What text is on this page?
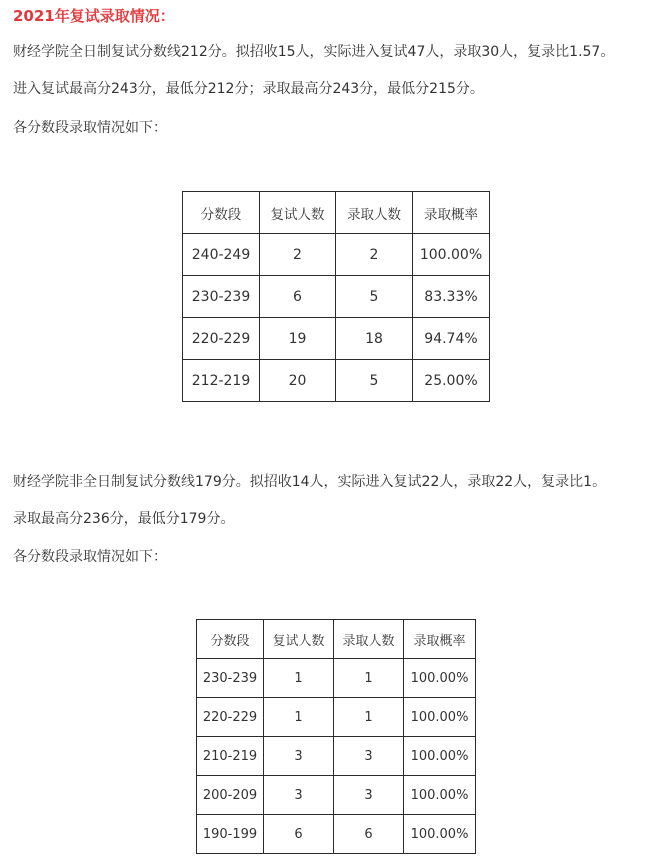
2021年复试录取情况：
财经学院全日制复试分数线212分。拟招收15人，实际进入复试47人，录取30人，复录比1.57。
进入复试最高分243分，最低分212分；录取最高分243分，最低分215分。
各分数段录取情况如下：
分数段	复试人数	录取人数	录取概率
240-249	2	2	100.00%
230-239	6	5	83.33%
220-229	19	18	94.74%
212-219	20	5	25.00%
财经学院非全日制复试分数线179分。拟招收14人，实际进入复试22人，录取22人，复录比1。
录取最高分236分，最低分179分。
各分数段录取情况如下：
分数段	复试人数	录取人数	录取概率
230-239	1	1	100.00%
220-229	1	1	100.00%
210-219	3	3	100.00%
200-209	3	3	100.00%
190-199	6	6	100.00%
